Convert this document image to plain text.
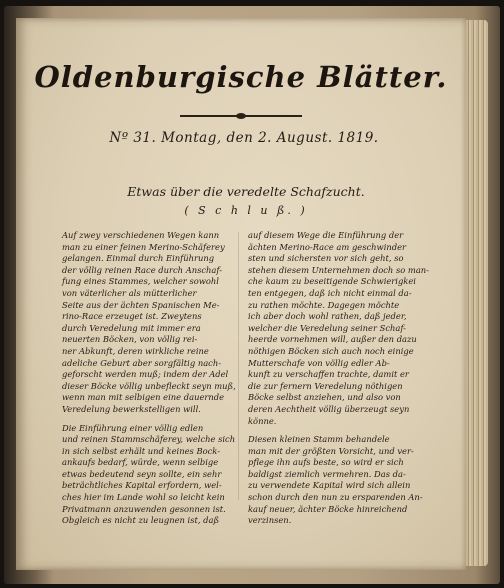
Oldenburgische Blätter.
Nº 31. Montag, den 2. August. 1819.
Etwas über die veredelte Schafzucht.
( S c h l u ß. )

Auf zwey verschiedenen Wegen kann

man zu einer feinen Merino-Schäferey

gelangen. Einmal durch Einführung

der völlig reinen Race durch Anschaf-

fung eines Stammes, welcher sowohl

von väterlicher als mütterlicher

Seite aus der ächten Spanischen Me-

rino-Race erzeuget ist. Zweytens

durch Veredelung mit immer era

neuerten Böcken, von völlig rei-

ner Abkunft, deren wirkliche reine

adeliche Geburt aber sorgfältig nach-

geforscht werden muß; indem der Adel

dieser Böcke völlig unbefleckt seyn muß,

wenn man mit selbigen eine dauernde

Veredelung bewerkstelligen will.

Die Einführung einer völlig edlen

und reinen Stammschäferey, welche sich

in sich selbst erhält und keines Bock-

ankaufs bedarf, würde, wenn selbige

etwas bedeutend seyn sollte, ein sehr

beträchtliches Kapital erfordern, wel-

ches hier im Lande wohl so leicht kein

Privatmann anzuwenden gesonnen ist.

Obgleich es nicht zu leugnen ist, daß

auf diesem Wege die Einführung der

ächten Merino-Race am geschwinder

sten und sichersten vor sich geht, so

stehen diesem Unternehmen doch so man-

che kaum zu beseitigende Schwierigkei

ten entgegen, daß ich nicht einmal da-

zu rathen möchte. Dagegen möchte

ich aber doch wohl rathen, daß jeder,

welcher die Veredelung seiner Schaf-

heerde vornehmen will, außer den dazu

nöthigen Böcken sich auch noch einige

Mutterschafe von völlig edler Ab-

kunft zu verschaffen trachte, damit er

die zur fernern Veredelung nöthigen

Böcke selbst anziehen, und also von

deren Aechtheit völlig überzeugt seyn

könne.

Diesen kleinen Stamm behandele

man mit der größten Vorsicht, und ver-

pflege ihn aufs beste, so wird er sich

baldigst ziemlich vermehren. Das da-

zu verwendete Kapital wird sich allein

schon durch den nun zu ersparenden An-

kauf neuer, ächter Böcke hinreichend

verzinsen.
